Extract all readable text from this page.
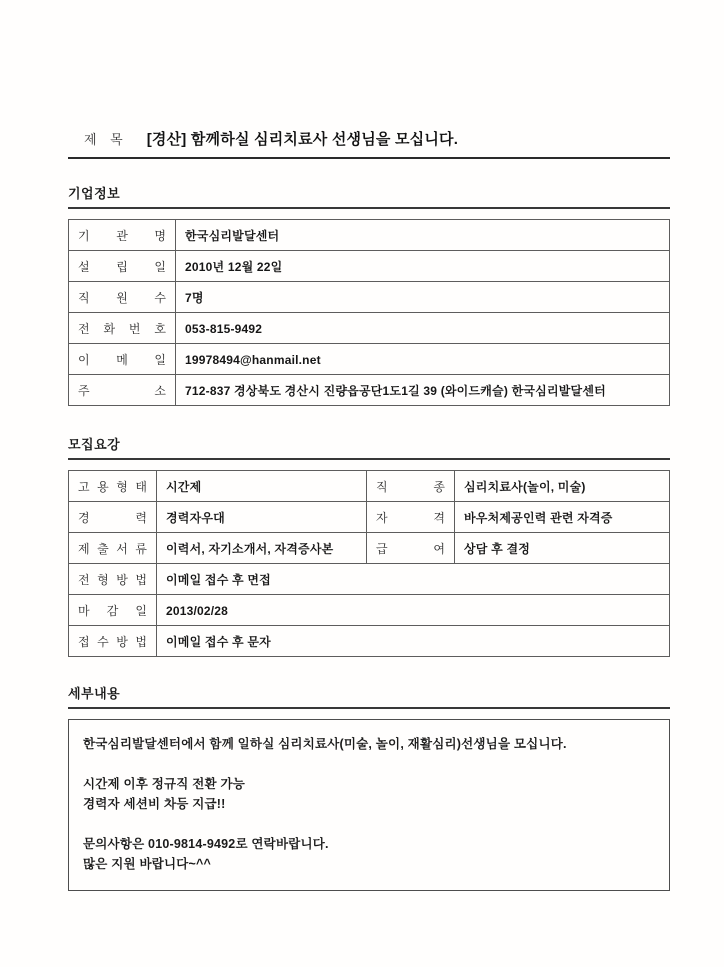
제 목 [경산] 함께하실 심리치료사 선생님을 모십니다.
기업정보
기 관 명	한국심리발달센터
설 립 일	2010년 12월 22일
직 원 수	7명
전 화 번 호	053-815-9492
이 메 일	19978494@hanmail.net
주 소	712-837 경상북도 경산시 진량읍공단1도1길 39 (와이드캐슬) 한국심리발달센터
모집요강
고 용 형 태	시간제	직 종	심리치료사(놀이, 미술)
경 력	경력자우대	자 격	바우처제공인력 관련 자격증
제 출 서 류	이력서, 자기소개서, 자격증사본	급 여	상담 후 결정
전 형 방 법	이메일 접수 후 면접		
마 감 일	2013/02/28		
접 수 방 법	이메일 접수 후 문자		
세부내용
한국심리발달센터에서 함께 일하실 심리치료사(미술, 놀이, 재활심리)선생님을 모십니다.
시간제 이후 정규직 전환 가능
경력자 세션비 차등 지급!!
문의사항은 010-9814-9492로 연락바랍니다.
많은 지원 바랍니다~^^
